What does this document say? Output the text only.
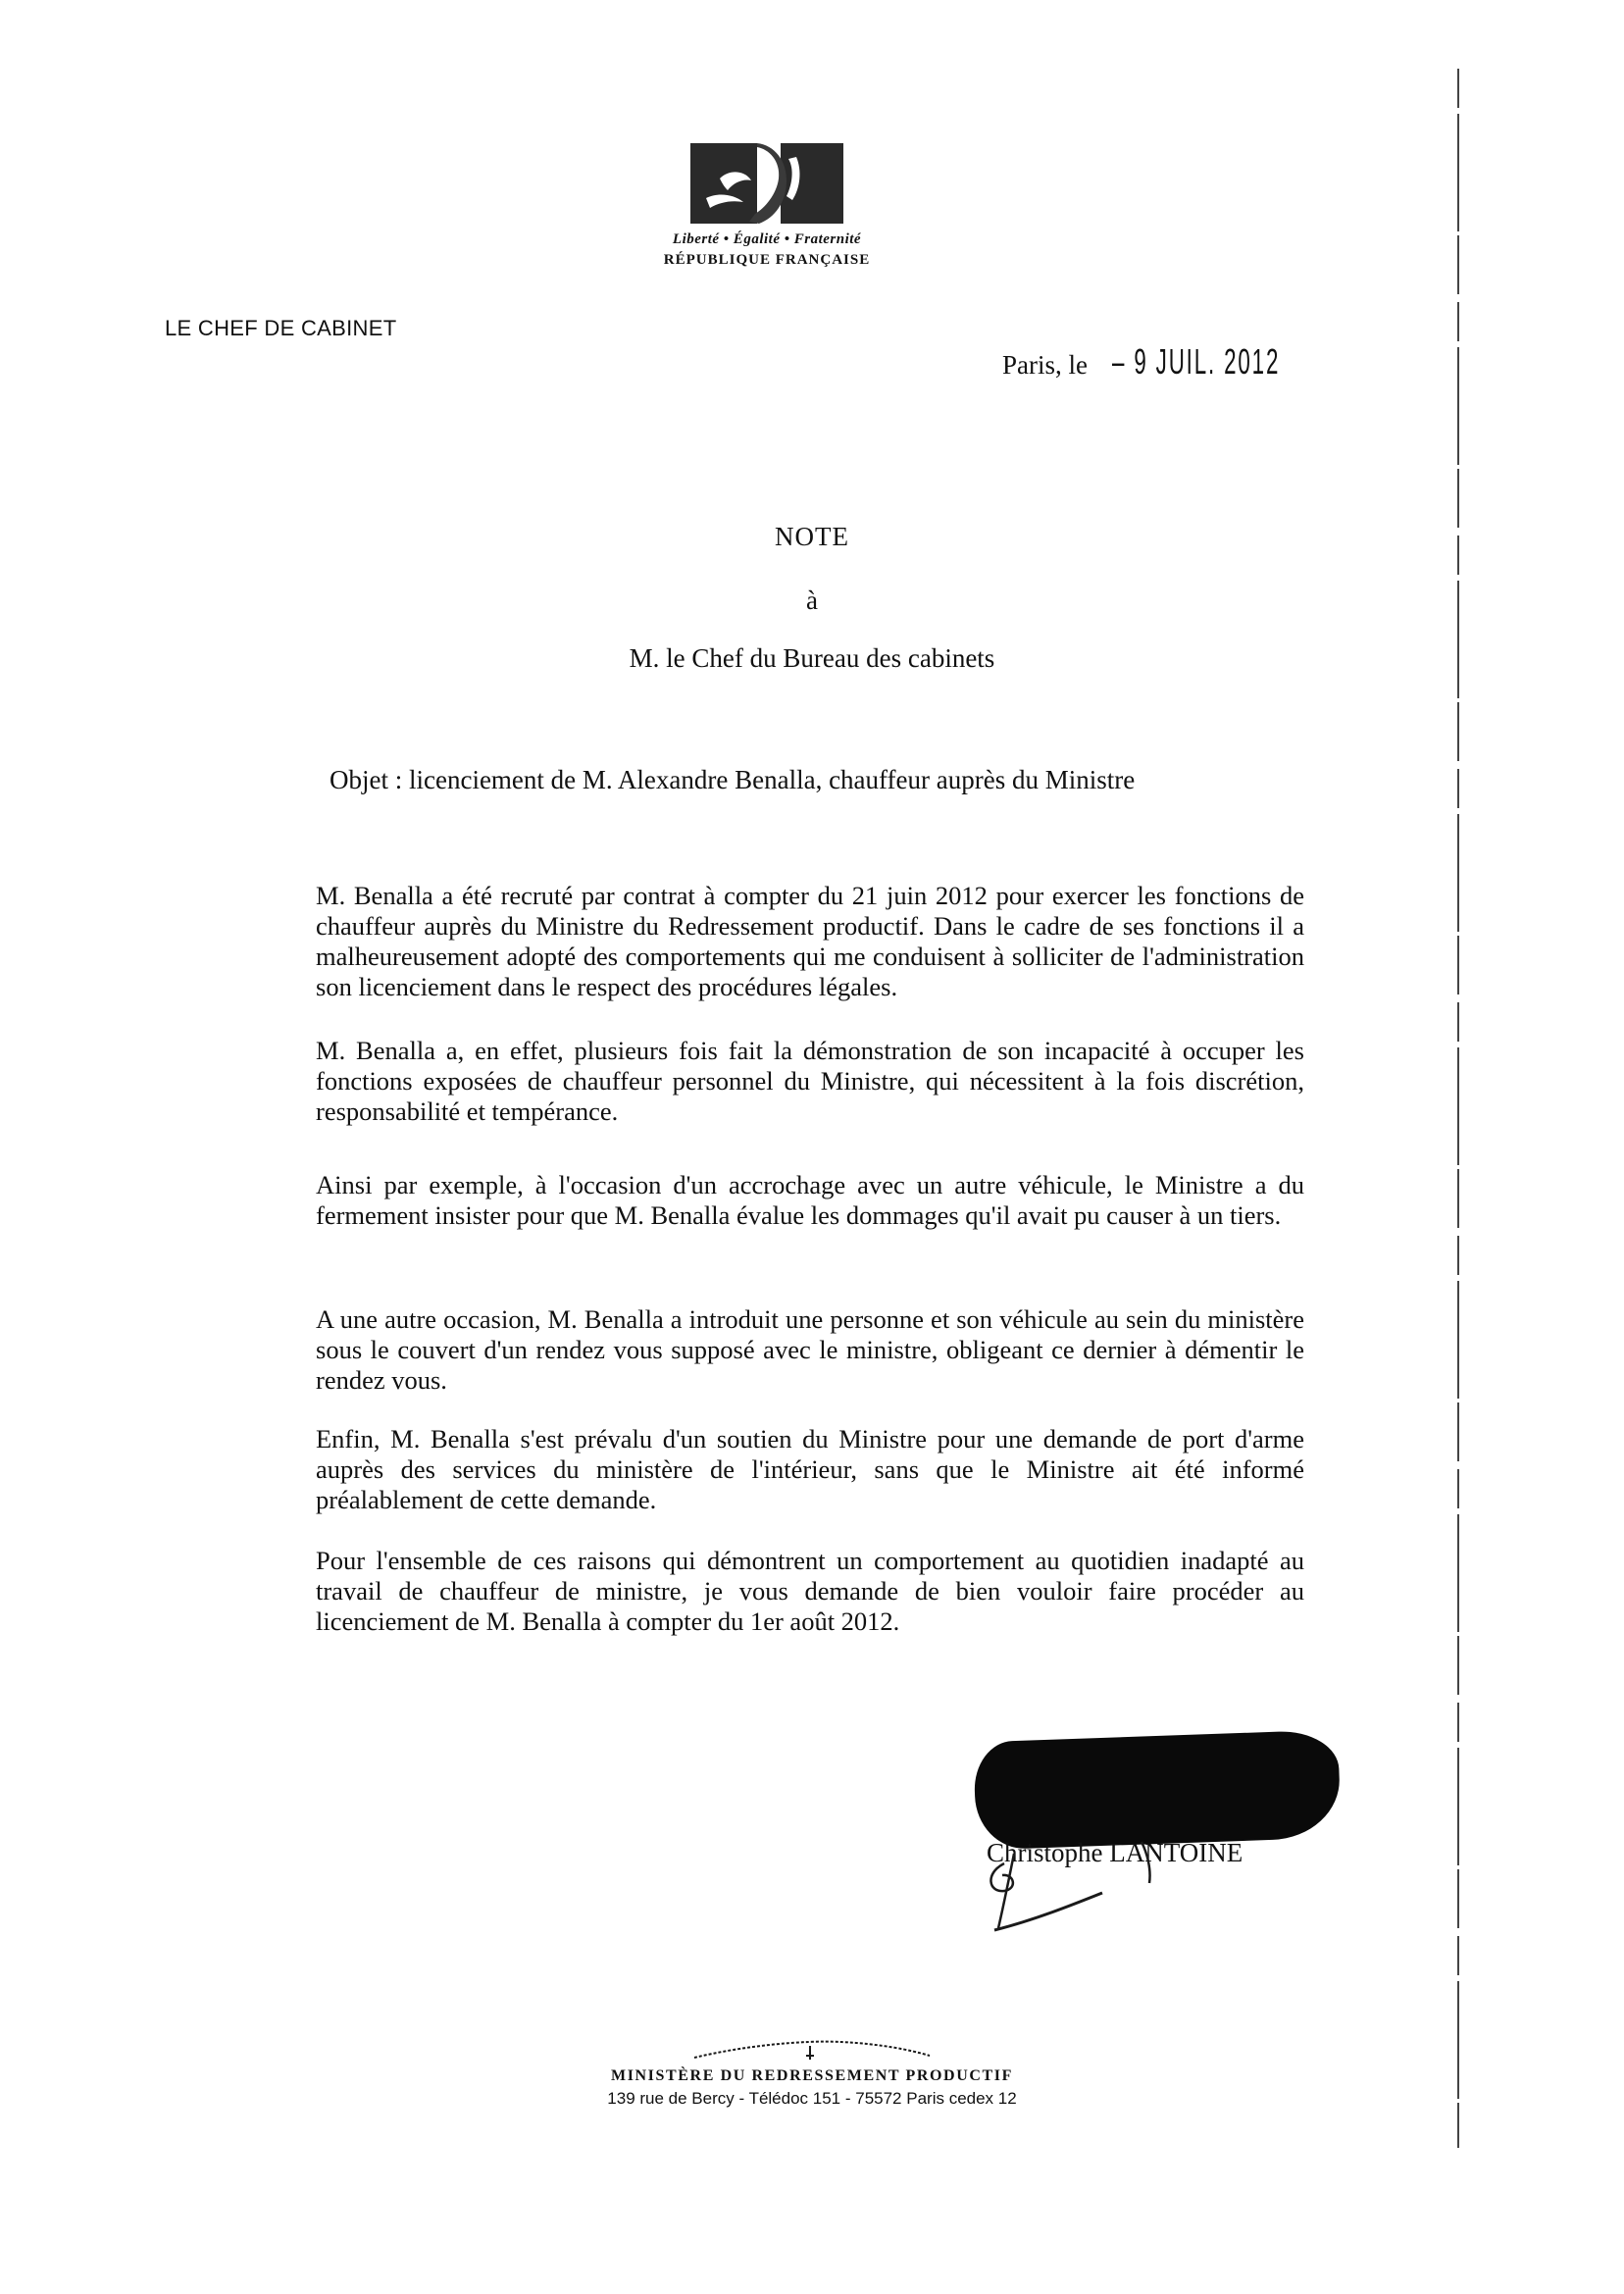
Liberté • Égalité • Fraternité
RÉPUBLIQUE FRANÇAISE
LE CHEF DE CABINET
Paris, le – 9 JUIL. 2012
NOTE
à
M. le Chef du Bureau des cabinets
Objet : licenciement de M. Alexandre Benalla, chauffeur auprès du Ministre
M. Benalla a été recruté par contrat à compter du 21 juin 2012 pour exercer les fonctions de chauffeur auprès du Ministre du Redressement productif. Dans le cadre de ses fonctions il a malheureusement adopté des comportements qui me conduisent à solliciter de l'administration son licenciement dans le respect des procédures légales.
M. Benalla a, en effet, plusieurs fois fait la démonstration de son incapacité à occuper les fonctions exposées de chauffeur personnel du Ministre, qui nécessitent à la fois discrétion, responsabilité et tempérance.
Ainsi par exemple, à l'occasion d'un accrochage avec un autre véhicule, le Ministre a du fermement insister pour que M. Benalla évalue les dommages qu'il avait pu causer à un tiers.
A une autre occasion, M. Benalla a introduit une personne et son véhicule au sein du ministère sous le couvert d'un rendez vous supposé avec le ministre, obligeant ce dernier à démentir le rendez vous.
Enfin, M. Benalla s'est prévalu d'un soutien du Ministre pour une demande de port d'arme auprès des services du ministère de l'intérieur, sans que le Ministre ait été informé préalablement de cette demande.
Pour l'ensemble de ces raisons qui démontrent un comportement au quotidien inadapté au travail de chauffeur de ministre, je vous demande de bien vouloir faire procéder au licenciement de M. Benalla à compter du 1er août 2012.
Christophe LANTOINE
MINISTÈRE DU REDRESSEMENT PRODUCTIF
139 rue de Bercy - Télédoc 151 - 75572 Paris cedex 12
